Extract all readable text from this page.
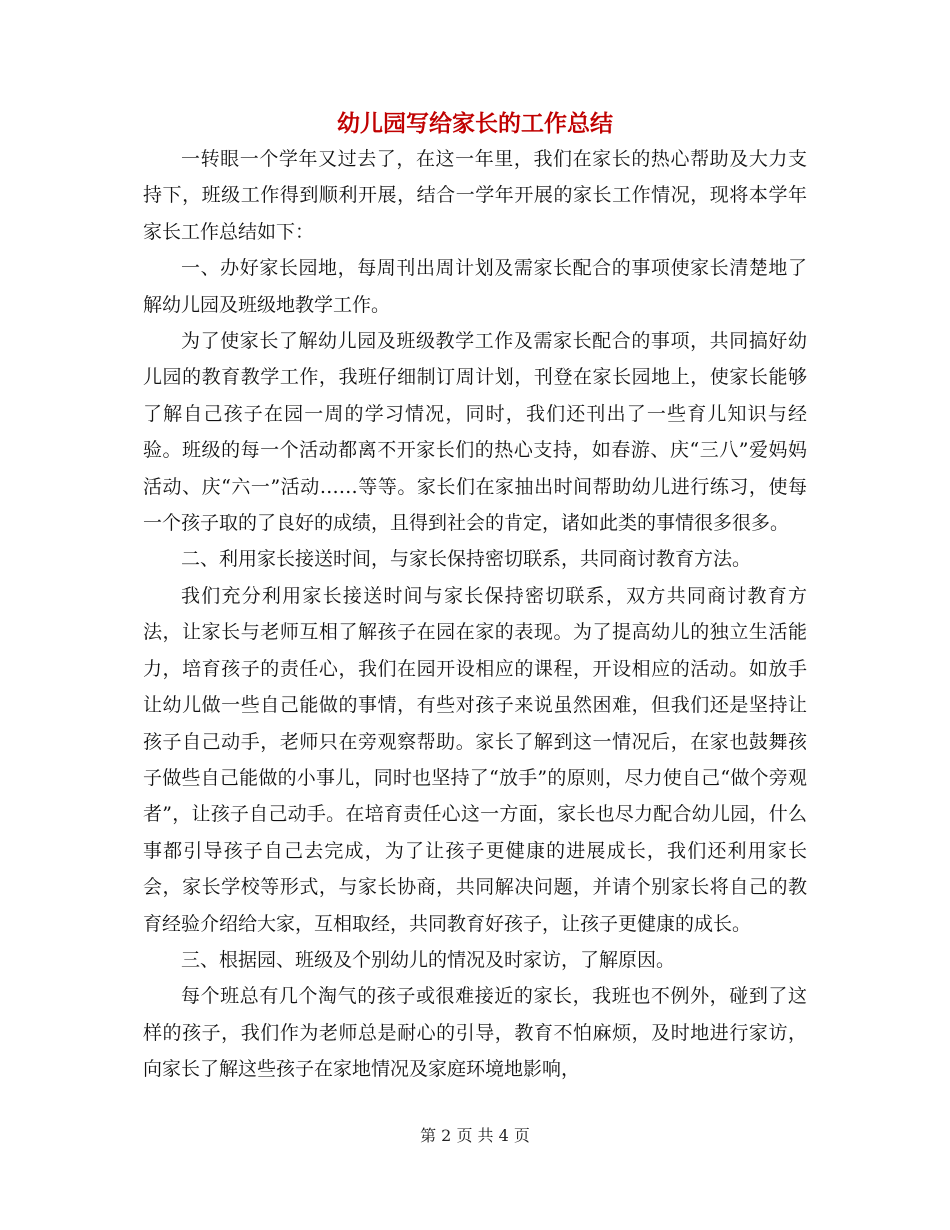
幼儿园写给家长的工作总结

一转眼一个学年又过去了，在这一年里，我们在家长的热心帮助及大力支持下，班级工作得到顺利开展，结合一学年开展的家长工作情况，现将本学年家长工作总结如下：

一、办好家长园地，每周刊出周计划及需家长配合的事项使家长清楚地了解幼儿园及班级地教学工作。

为了使家长了解幼儿园及班级教学工作及需家长配合的事项，共同搞好幼儿园的教育教学工作，我班仔细制订周计划，刊登在家长园地上，使家长能够了解自己孩子在园一周的学习情况，同时，我们还刊出了一些育儿知识与经验。班级的每一个活动都离不开家长们的热心支持，如春游、庆“三八”爱妈妈活动、庆“六一”活动……等等。家长们在家抽出时间帮助幼儿进行练习，使每一个孩子取的了良好的成绩，且得到社会的肯定，诸如此类的事情很多很多。

二、利用家长接送时间，与家长保持密切联系，共同商讨教育方法。

我们充分利用家长接送时间与家长保持密切联系，双方共同商讨教育方法，让家长与老师互相了解孩子在园在家的表现。为了提高幼儿的独立生活能力，培育孩子的责任心，我们在园开设相应的课程，开设相应的活动。如放手让幼儿做一些自己能做的事情，有些对孩子来说虽然困难，但我们还是坚持让孩子自己动手，老师只在旁观察帮助。家长了解到这一情况后，在家也鼓舞孩子做些自己能做的小事儿，同时也坚持了“放手”的原则，尽力使自己“做个旁观者”，让孩子自己动手。在培育责任心这一方面，家长也尽力配合幼儿园，什么事都引导孩子自己去完成，为了让孩子更健康的进展成长，我们还利用家长会，家长学校等形式，与家长协商，共同解决问题，并请个别家长将自己的教育经验介绍给大家，互相取经，共同教育好孩子，让孩子更健康的成长。

三、根据园、班级及个别幼儿的情况及时家访，了解原因。

每个班总有几个淘气的孩子或很难接近的家长，我班也不例外，碰到了这样的孩子，我们作为老师总是耐心的引导，教育不怕麻烦，及时地进行家访，向家长了解这些孩子在家地情况及家庭环境地影响，

第 2 页 共 4 页
